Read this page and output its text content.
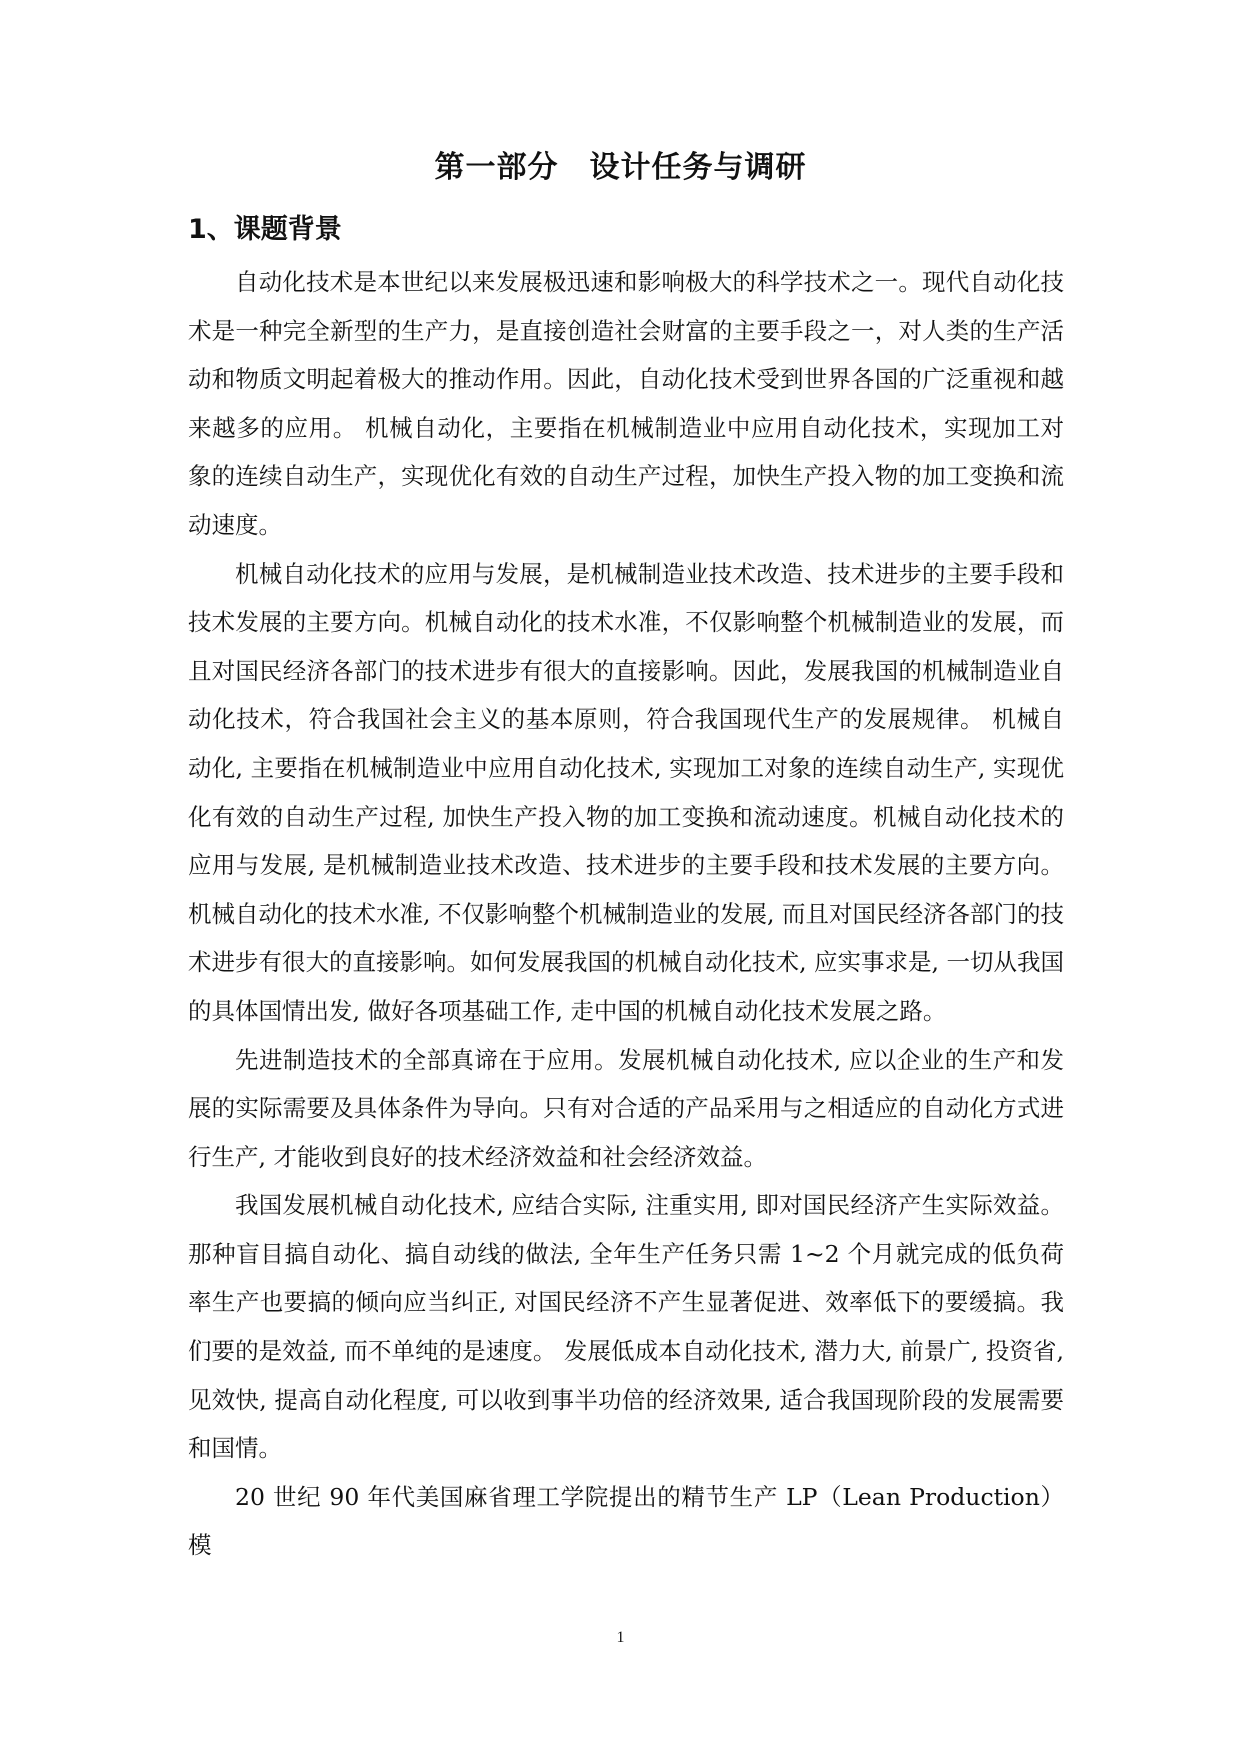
第一部分　设计任务与调研
1、课题背景

自动化技术是本世纪以来发展极迅速和影响极大的科学技术之一。现代自动化技术是一种完全新型的生产力，是直接创造社会财富的主要手段之一，对人类的生产活动和物质文明起着极大的推动作用。因此，自动化技术受到世界各国的广泛重视和越来越多的应用。 机械自动化，主要指在机械制造业中应用自动化技术，实现加工对象的连续自动生产，实现优化有效的自动生产过程，加快生产投入物的加工变换和流动速度。

机械自动化技术的应用与发展，是机械制造业技术改造、技术进步的主要手段和技术发展的主要方向。机械自动化的技术水准，不仅影响整个机械制造业的发展，而且对国民经济各部门的技术进步有很大的直接影响。因此，发展我国的机械制造业自动化技术，符合我国社会主义的基本原则，符合我国现代生产的发展规律。 机械自动化, 主要指在机械制造业中应用自动化技术, 实现加工对象的连续自动生产, 实现优化有效的自动生产过程, 加快生产投入物的加工变换和流动速度。机械自动化技术的应用与发展, 是机械制造业技术改造、技术进步的主要手段和技术发展的主要方向。机械自动化的技术水准, 不仅影响整个机械制造业的发展, 而且对国民经济各部门的技术进步有很大的直接影响。如何发展我国的机械自动化技术, 应实事求是, 一切从我国的具体国情出发, 做好各项基础工作, 走中国的机械自动化技术发展之路。

先进制造技术的全部真谛在于应用。发展机械自动化技术, 应以企业的生产和发展的实际需要及具体条件为导向。只有对合适的产品采用与之相适应的自动化方式进行生产, 才能收到良好的技术经济效益和社会经济效益。

我国发展机械自动化技术, 应结合实际, 注重实用, 即对国民经济产生实际效益。那种盲目搞自动化、搞自动线的做法, 全年生产任务只需 1~2 个月就完成的低负荷率生产也要搞的倾向应当纠正, 对国民经济不产生显著促进、效率低下的要缓搞。我们要的是效益, 而不单纯的是速度。 发展低成本自动化技术, 潜力大, 前景广, 投资省, 见效快, 提高自动化程度, 可以收到事半功倍的经济效果, 适合我国现阶段的发展需要和国情。

20 世纪 90 年代美国麻省理工学院提出的精节生产 LP（Lean Production）模

1
